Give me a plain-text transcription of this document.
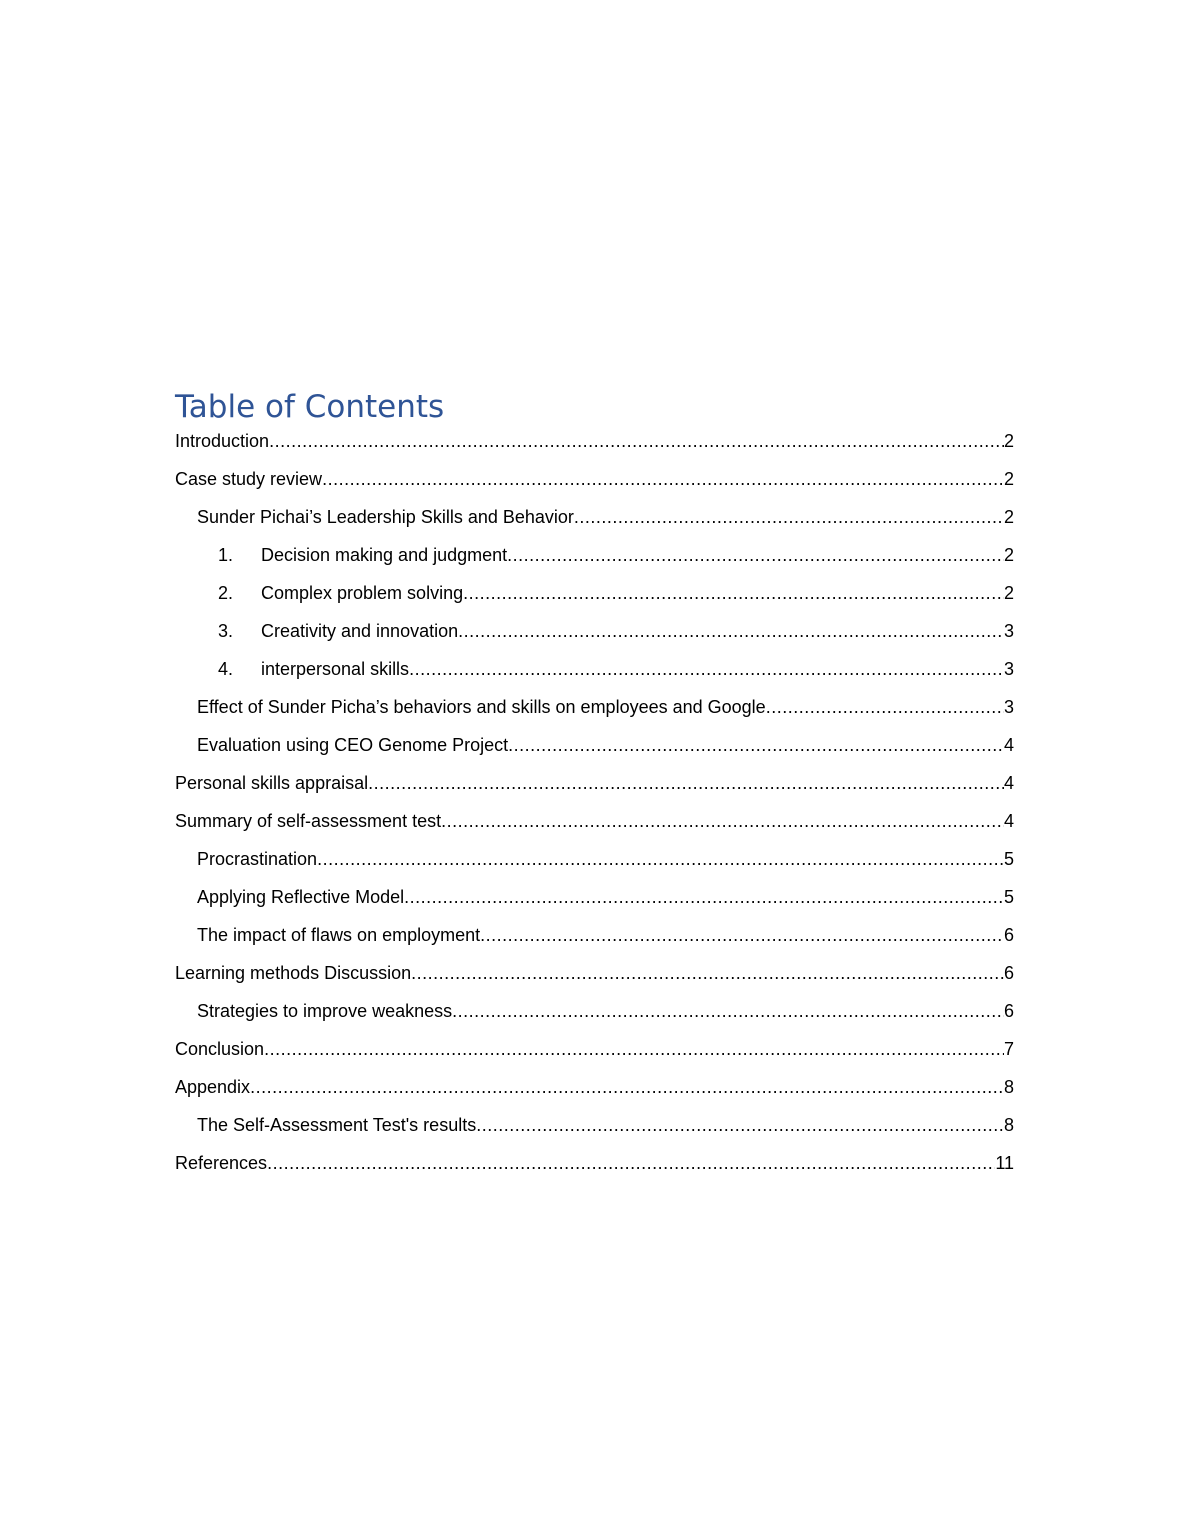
Table of Contents
Introduction .....	2
Case study review .....	2
Sunder Pichai’s Leadership Skills and Behavior .....	2
1.	Decision making and judgment .....	2
2.	Complex problem solving .....	2
3.	Creativity and innovation .....	3
4.	interpersonal skills .....	3
Effect of Sunder Picha’s behaviors and skills on employees and Google .....	3
Evaluation using CEO Genome Project .....	4
Personal skills appraisal .....	4
Summary of self-assessment test .....	4
Procrastination .....	5
Applying Reflective Model .....	5
The impact of flaws on employment .....	6
Learning methods Discussion .....	6
Strategies to improve weakness .....	6
Conclusion .....	7
Appendix .....	8
The Self-Assessment Test's results .....	8
References .....	11
